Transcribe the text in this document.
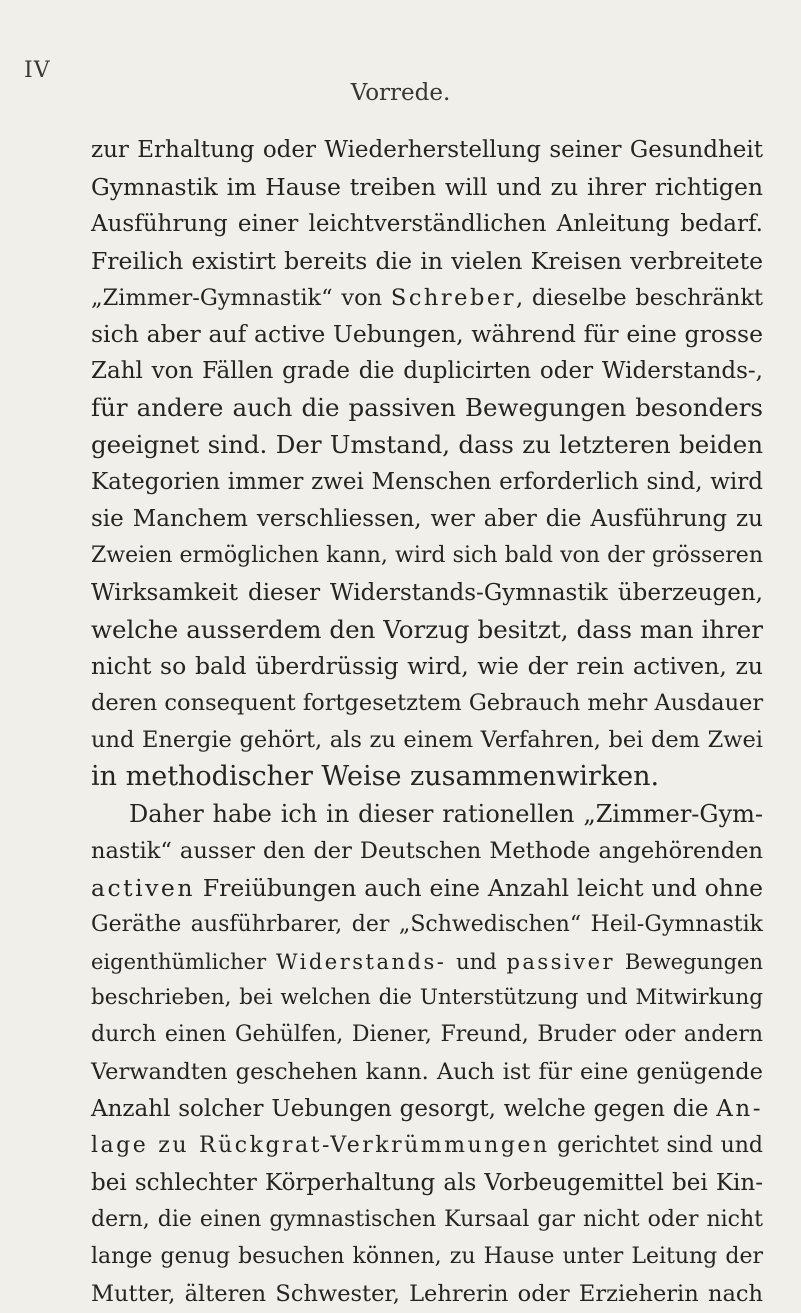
IV
Vorrede.
zur Erhaltung oder Wiederherstellung seiner Gesundheit
Gymnastik im Hause treiben will und zu ihrer richtigen
Ausführung einer leichtverständlichen Anleitung bedarf.
Freilich existirt bereits die in vielen Kreisen verbreitete
„Zimmer-Gymnastik“ von Schreber, dieselbe beschränkt
sich aber auf active Uebungen, während für eine grosse
Zahl von Fällen grade die duplicirten oder Widerstands-,
für andere auch die passiven Bewegungen besonders
geeignet sind. Der Umstand, dass zu letzteren beiden
Kategorien immer zwei Menschen erforderlich sind, wird
sie Manchem verschliessen, wer aber die Ausführung zu
Zweien ermöglichen kann, wird sich bald von der grösseren
Wirksamkeit dieser Widerstands-Gymnastik überzeugen,
welche ausserdem den Vorzug besitzt, dass man ihrer
nicht so bald überdrüssig wird, wie der rein activen, zu
deren consequent fortgesetztem Gebrauch mehr Ausdauer
und Energie gehört, als zu einem Verfahren, bei dem Zwei
in methodischer Weise zusammenwirken.
Daher habe ich in dieser rationellen „Zimmer-Gym-
nastik“ ausser den der Deutschen Methode angehörenden
activen Freiübungen auch eine Anzahl leicht und ohne
Geräthe ausführbarer, der „Schwedischen“ Heil-Gymnastik
eigenthümlicher Widerstands- und passiver Bewegungen
beschrieben, bei welchen die Unterstützung und Mitwirkung
durch einen Gehülfen, Diener, Freund, Bruder oder andern
Verwandten geschehen kann. Auch ist für eine genügende
Anzahl solcher Uebungen gesorgt, welche gegen die An-
lage zu Rückgrat-Verkrümmungen gerichtet sind und
bei schlechter Körperhaltung als Vorbeugemittel bei Kin-
dern, die einen gymnastischen Kursaal gar nicht oder nicht
lange genug besuchen können, zu Hause unter Leitung der
Mutter, älteren Schwester, Lehrerin oder Erzieherin nach
